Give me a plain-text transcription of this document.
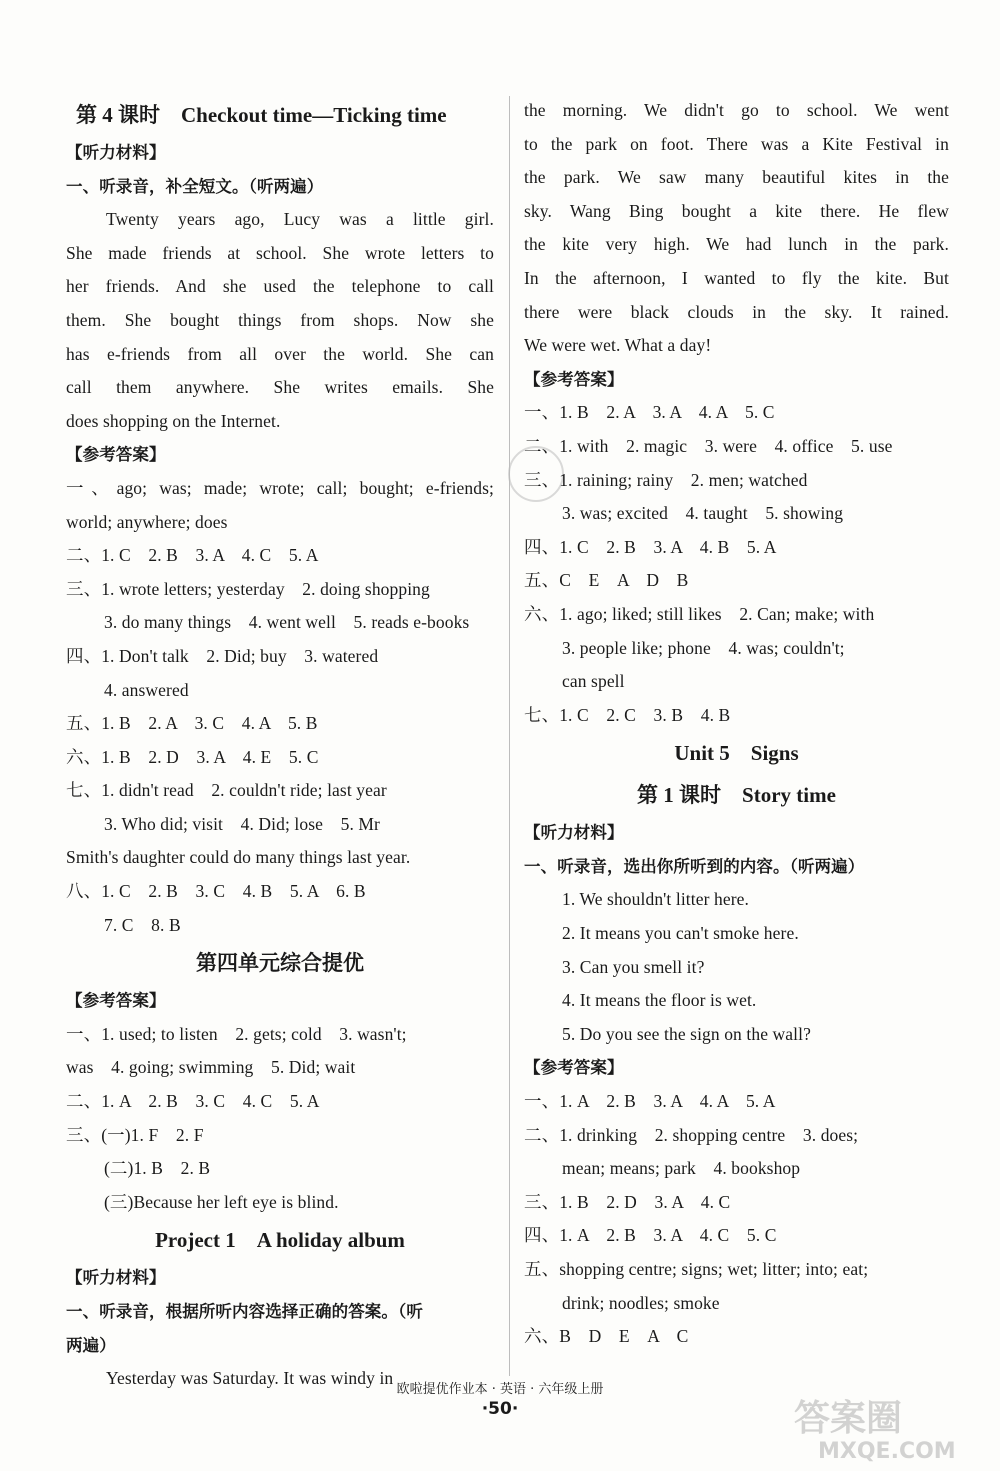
第 4 课时　Checkout time—Ticking time
【听力材料】
一、听录音，补全短文。（听两遍）
Twenty years ago, Lucy was a little girl.
She made friends at school. She wrote letters to
her friends. And she used the telephone to call
them. She bought things from shops. Now she
has e-friends from all over the world. She can
call them anywhere. She writes emails. She
does shopping on the Internet.
【参考答案】
一、ago; was; made; wrote; call; bought; e-friends;
world; anywhere; does
二、1. C　2. B　3. A　4. C　5. A
三、1. wrote letters; yesterday　2. doing shopping
3. do many things　4. went well　5. reads e-books
四、1. Don't talk　2. Did; buy　3. watered
4. answered
五、1. B　2. A　3. C　4. A　5. B
六、1. B　2. D　3. A　4. E　5. C
七、1. didn't read　2. couldn't ride; last year
3. Who did; visit　4. Did; lose　5. Mr
Smith's daughter could do many things last year.
八、1. C　2. B　3. C　4. B　5. A　6. B
7. C　8. B
第四单元综合提优
【参考答案】
一、1. used; to listen　2. gets; cold　3. wasn't;
was　4. going; swimming　5. Did; wait
二、1. A　2. B　3. C　4. C　5. A
三、(一)1. F　2. F
(二)1. B　2. B
(三)Because her left eye is blind.
Project 1　A holiday album
【听力材料】
一、听录音，根据所听内容选择正确的答案。（听
两遍）
Yesterday was Saturday. It was windy in
the morning. We didn't go to school. We went
to the park on foot. There was a Kite Festival in
the park. We saw many beautiful kites in the
sky. Wang Bing bought a kite there. He flew
the kite very high. We had lunch in the park.
In the afternoon, I wanted to fly the kite. But
there were black clouds in the sky. It rained.
We were wet. What a day!
【参考答案】
一、1. B　2. A　3. A　4. A　5. C
二、1. with　2. magic　3. were　4. office　5. use
三、1. raining; rainy　2. men; watched
3. was; excited　4. taught　5. showing
四、1. C　2. B　3. A　4. B　5. A
五、C　E　A　D　B
六、1. ago; liked; still likes　2. Can; make; with
3. people like; phone　4. was; couldn't;
can spell
七、1. C　2. C　3. B　4. B
Unit 5　Signs
第 1 课时　Story time
【听力材料】
一、听录音，选出你所听到的内容。（听两遍）
1. We shouldn't litter here.
2. It means you can't smoke here.
3. Can you smell it?
4. It means the floor is wet.
5. Do you see the sign on the wall?
【参考答案】
一、1. A　2. B　3. A　4. A　5. A
二、1. drinking　2. shopping centre　3. does;
mean; means; park　4. bookshop
三、1. B　2. D　3. A　4. C
四、1. A　2. B　3. A　4. C　5. C
五、shopping centre; signs; wet; litter; into; eat;
drink; noodles; smoke
六、B　D　E　A　C
欧啦提优作业本 · 英语 · 六年级上册
·50·	答案圈
MXQE.COM
